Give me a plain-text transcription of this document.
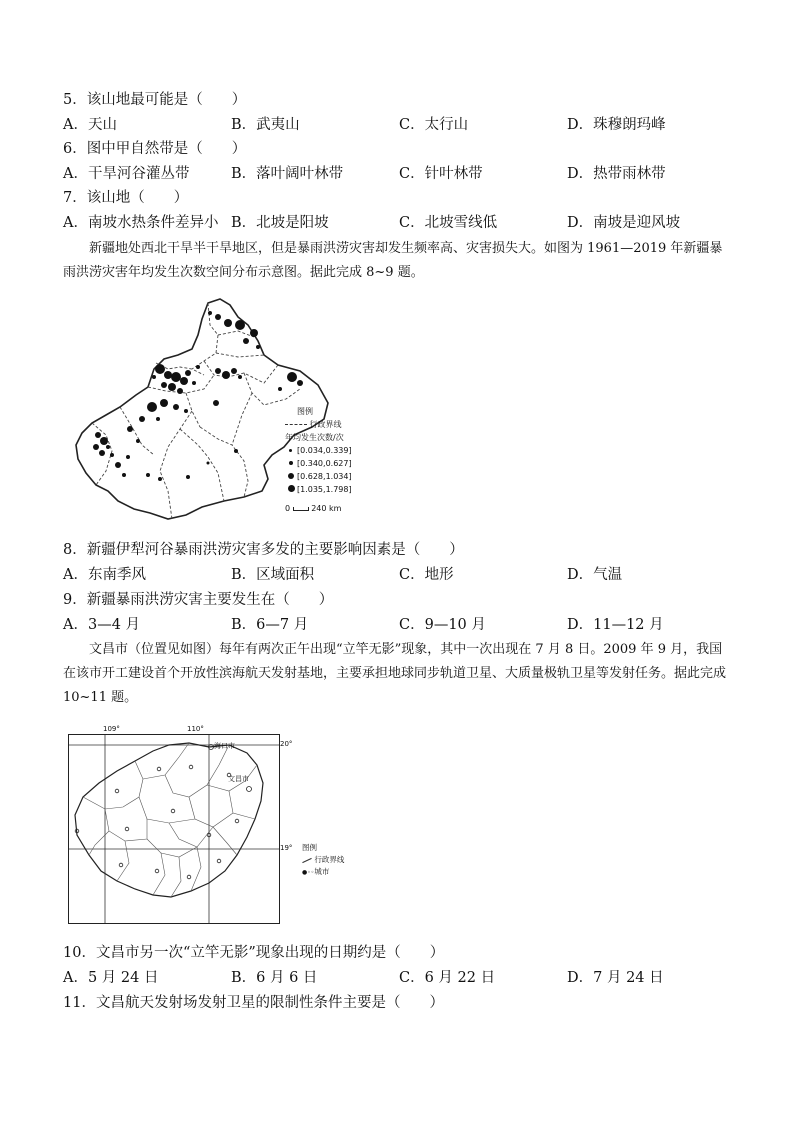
5．该山地最可能是（　　）
A．天山	B．武夷山	C．太行山	D．珠穆朗玛峰
6．图中甲自然带是（　　）
A．干旱河谷灌丛带	B．落叶阔叶林带	C．针叶林带	D．热带雨林带
7．该山地（　　）
A．南坡水热条件差异小 B．北坡是阳坡	C．北坡雪线低	D．南坡是迎风坡
新疆地处西北干旱半干旱地区，但是暴雨洪涝灾害却发生频率高、灾害损失大。如图为 1961—2019 年新疆暴雨洪涝灾害年均发生次数空间分布示意图。据此完成 8~9 题。
图例
行政界线
年均发生次数/次
[0.034,0.339]
[0.340,0.627]
[0.628,1.034]
[1.035,1.798]
0	240 km
8．新疆伊犁河谷暴雨洪涝灾害多发的主要影响因素是（　　）
A．东南季风	B．区域面积	C．地形	D．气温
9．新疆暴雨洪涝灾害主要发生在（　　）
A．3—4 月	B．6—7 月	C．9—10 月	D．11—12 月
文昌市（位置见如图）每年有两次正午出现“立竿无影”现象，其中一次出现在 7 月 8 日。2009 年 9 月，我国在该市开工建设首个开放性滨海航天发射基地，主要承担地球同步轨道卫星、大质量极轨卫星等发射任务。据此完成 10~11 题。
109°	110°
20°
19°
海口市
文昌市
图例
行政界线
●◦◦城市
10．文昌市另一次“立竿无影”现象出现的日期约是（　　）
A．5 月 24 日	B．6 月 6 日	C．6 月 22 日	D．7 月 24 日
11．文昌航天发射场发射卫星的限制性条件主要是（　　）
